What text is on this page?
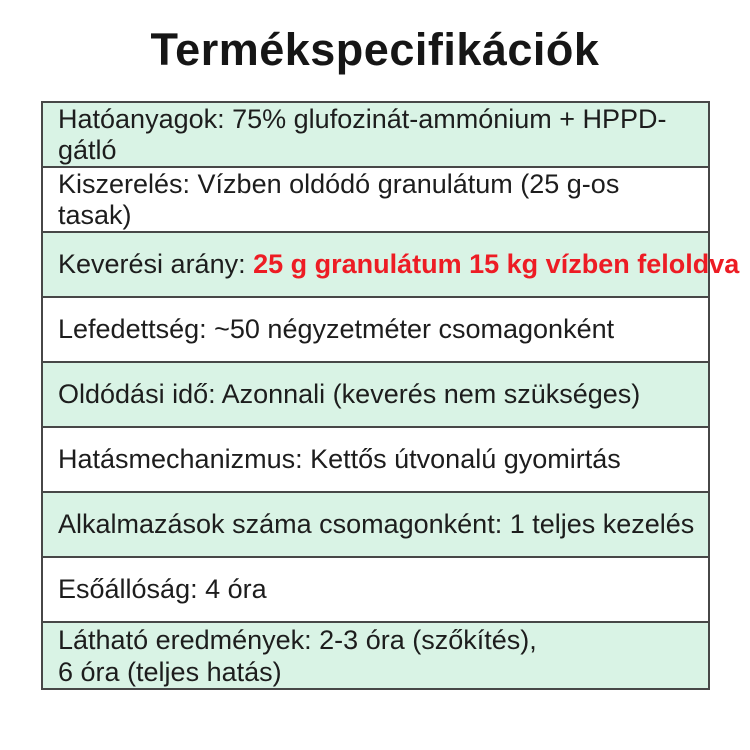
Termékspecifikációk
Hatóanyagok: 75% glufozinát-ammónium + HPPD-gátló
Kiszerelés: Vízben oldódó granulátum (25 g-os tasak)
Keverési arány: 25 g granulátum 15 kg vízben feloldva
Lefedettség: ~50 négyzetméter csomagonként
Oldódási idő: Azonnali (keverés nem szükséges)
Hatásmechanizmus: Kettős útvonalú gyomirtás
Alkalmazások száma csomagonként: 1 teljes kezelés
Esőállóság: 4 óra
Látható eredmények: 2-3 óra (szőkítés),
6 óra (teljes hatás)
